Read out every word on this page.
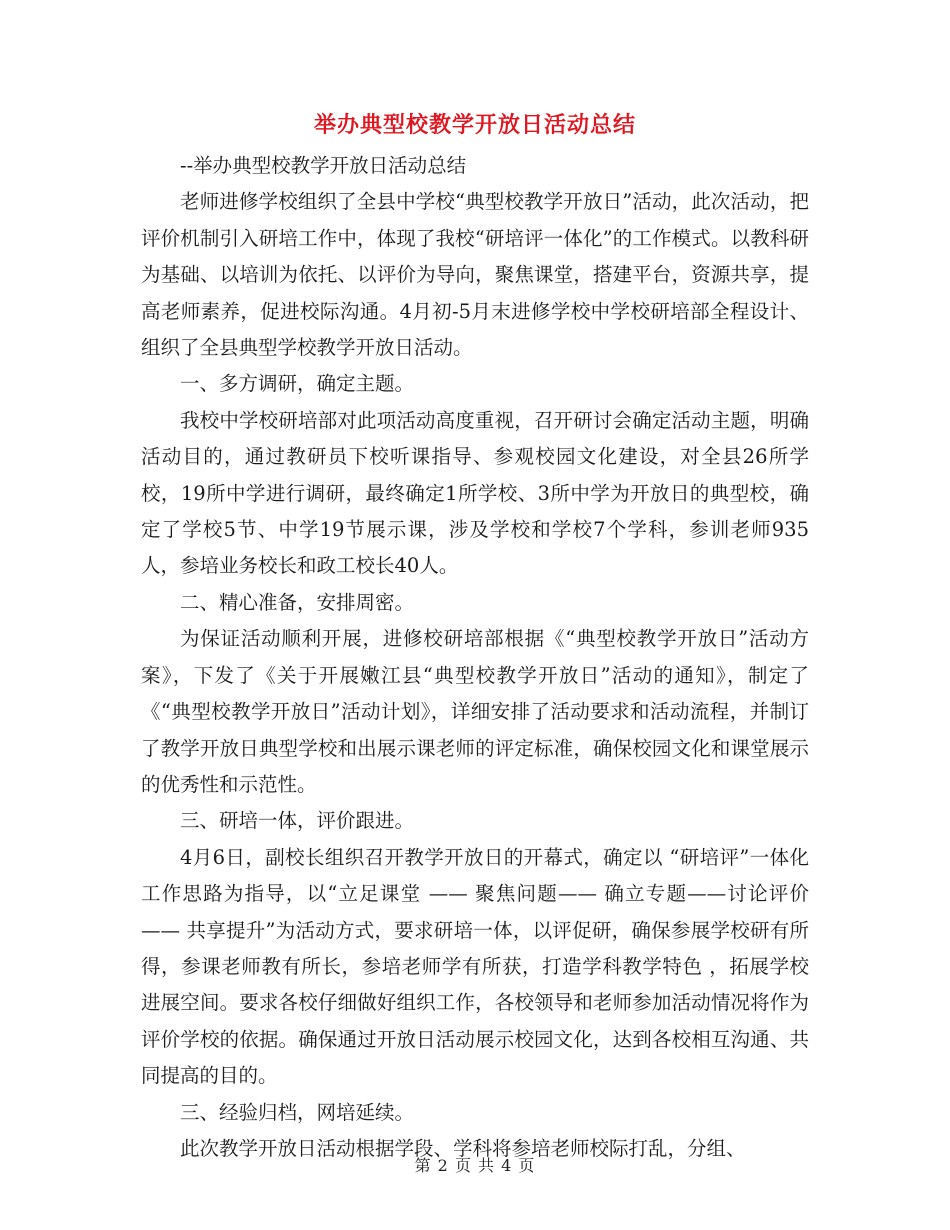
举办典型校教学开放日活动总结

--举办典型校教学开放日活动总结

老师进修学校组织了全县中学校“典型校教学开放日”活动，此次活动，把评价机制引入研培工作中，体现了我校“研培评一体化”的工作模式。以教科研为基础、以培训为依托、以评价为导向，聚焦课堂，搭建平台，资源共享，提高老师素养，促进校际沟通。4月初-5月末进修学校中学校研培部全程设计、组织了全县典型学校教学开放日活动。

一、多方调研，确定主题。

我校中学校研培部对此项活动高度重视，召开研讨会确定活动主题，明确活动目的，通过教研员下校听课指导、参观校园文化建设，对全县26所学校，19所中学进行调研，最终确定1所学校、3所中学为开放日的典型校，确定了学校5节、中学19节展示课，涉及学校和学校7个学科，参训老师935人，参培业务校长和政工校长40人。

二、精心准备，安排周密。

为保证活动顺利开展，进修校研培部根据《“典型校教学开放日”活动方案》，下发了《关于开展嫩江县“典型校教学开放日”活动的通知》，制定了《“典型校教学开放日”活动计划》，详细安排了活动要求和活动流程，并制订了教学开放日典型学校和出展示课老师的评定标准，确保校园文化和课堂展示的优秀性和示范性。

三、研培一体，评价跟进。

4月6日，副校长组织召开教学开放日的开幕式，确定以 “研培评”一体化工作思路为指导，以“立足课堂 —— 聚焦问题—— 确立专题——讨论评价—— 共享提升”为活动方式，要求研培一体，以评促研，确保参展学校研有所得，参课老师教有所长，参培老师学有所获，打造学科教学特色 ，拓展学校进展空间。要求各校仔细做好组织工作，各校领导和老师参加活动情况将作为评价学校的依据。确保通过开放日活动展示校园文化，达到各校相互沟通、共同提高的目的。

三、经验归档，网培延续。

此次教学开放日活动根据学段、学科将参培老师校际打乱，分组、

第 2 页 共 4 页
